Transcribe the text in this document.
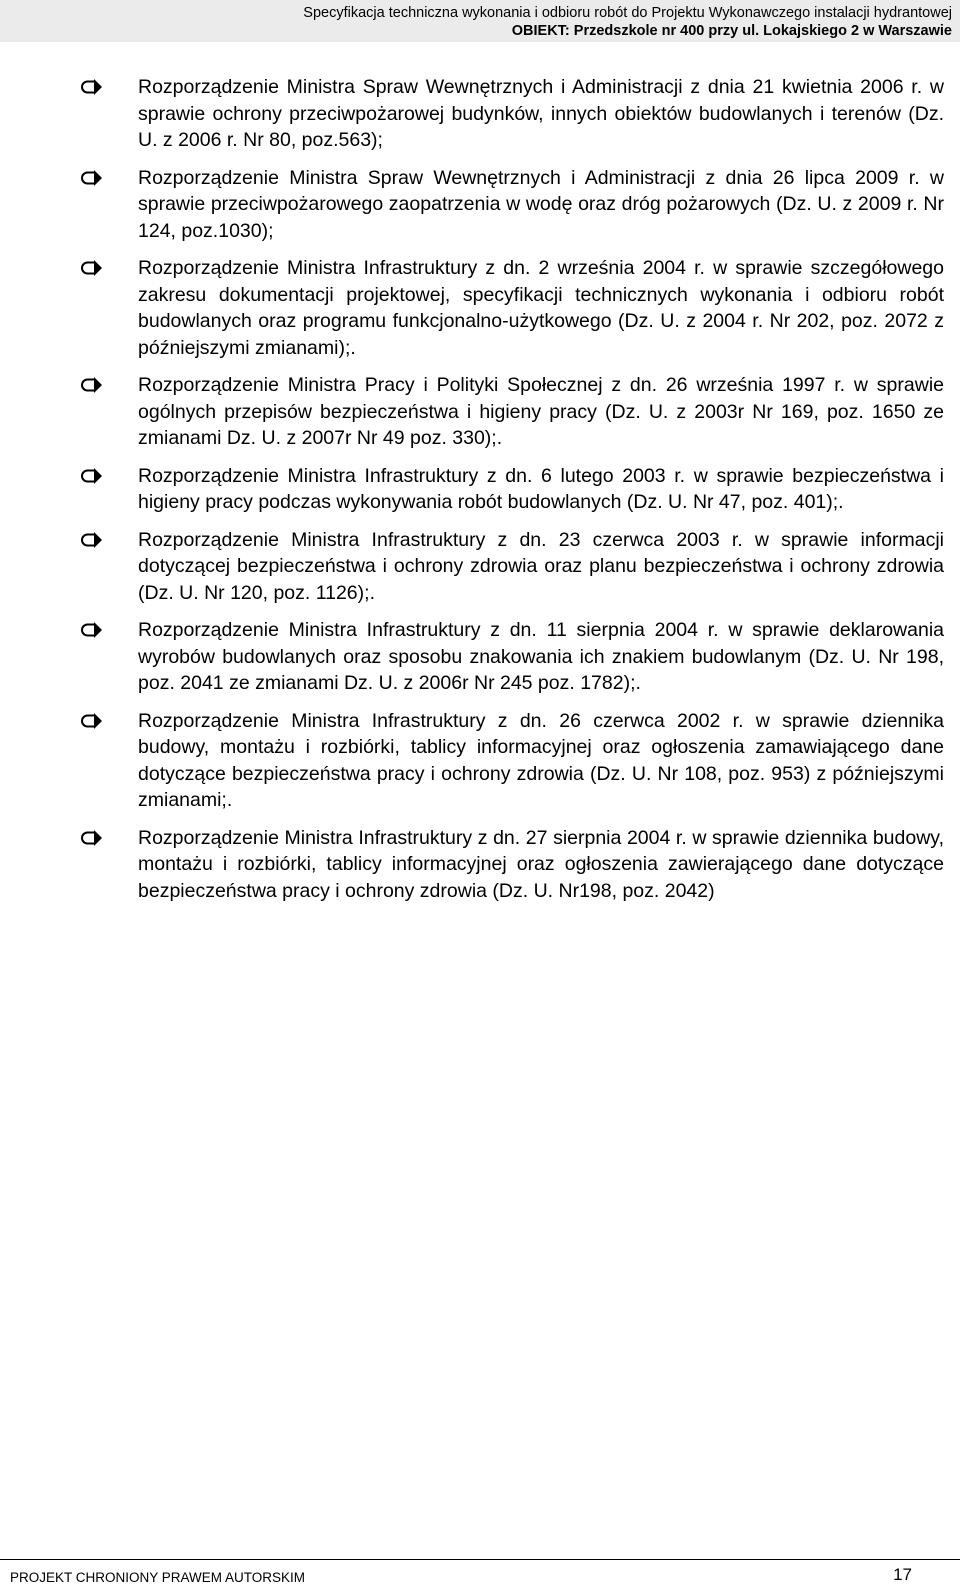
Specyfikacja techniczna wykonania i odbioru robót do Projektu Wykonawczego instalacji hydrantowej
OBIEKT: Przedszkole nr 400 przy ul. Lokajskiego 2 w Warszawie
Rozporządzenie Ministra Spraw Wewnętrznych i Administracji z dnia 21 kwietnia 2006 r. w sprawie ochrony przeciwpożarowej budynków, innych obiektów budowlanych i terenów (Dz. U. z 2006 r. Nr 80, poz.563);
Rozporządzenie Ministra Spraw Wewnętrznych i Administracji z dnia 26 lipca 2009 r. w sprawie przeciwpożarowego zaopatrzenia w wodę oraz dróg pożarowych (Dz. U. z 2009 r. Nr 124, poz.1030);
Rozporządzenie Ministra Infrastruktury z dn. 2 września 2004 r. w sprawie szczegółowego zakresu dokumentacji projektowej, specyfikacji technicznych wykonania i odbioru robót budowlanych oraz programu funkcjonalno-użytkowego (Dz. U. z 2004 r. Nr 202, poz. 2072 z późniejszymi zmianami);.
Rozporządzenie Ministra Pracy i Polityki Społecznej z dn. 26 września 1997 r. w sprawie ogólnych przepisów bezpieczeństwa i higieny pracy (Dz. U. z 2003r Nr 169, poz. 1650 ze zmianami Dz. U. z 2007r Nr 49 poz. 330);.
Rozporządzenie Ministra Infrastruktury z dn. 6 lutego 2003 r. w sprawie bezpieczeństwa i higieny pracy podczas wykonywania robót budowlanych (Dz. U. Nr 47, poz. 401);.
Rozporządzenie Ministra Infrastruktury z dn. 23 czerwca 2003 r. w sprawie informacji dotyczącej bezpieczeństwa i ochrony zdrowia oraz planu bezpieczeństwa i ochrony zdrowia (Dz. U. Nr 120, poz. 1126);.
Rozporządzenie Ministra Infrastruktury z dn. 11 sierpnia 2004 r. w sprawie deklarowania wyrobów budowlanych oraz sposobu znakowania ich znakiem budowlanym (Dz. U. Nr 198, poz. 2041 ze zmianami Dz. U. z 2006r Nr 245 poz. 1782);.
Rozporządzenie Ministra Infrastruktury z dn. 26 czerwca 2002 r. w sprawie dziennika budowy, montażu i rozbiórki, tablicy informacyjnej oraz ogłoszenia zamawiającego dane dotyczące bezpieczeństwa pracy i ochrony zdrowia (Dz. U. Nr 108, poz. 953) z późniejszymi zmianami;.
Rozporządzenie Ministra Infrastruktury z dn. 27 sierpnia 2004 r. w sprawie dziennika budowy, montażu i rozbiórki, tablicy informacyjnej oraz ogłoszenia zawierającego dane dotyczące bezpieczeństwa pracy i ochrony zdrowia (Dz. U. Nr198, poz. 2042)
PROJEKT CHRONIONY PRAWEM AUTORSKIM	17
